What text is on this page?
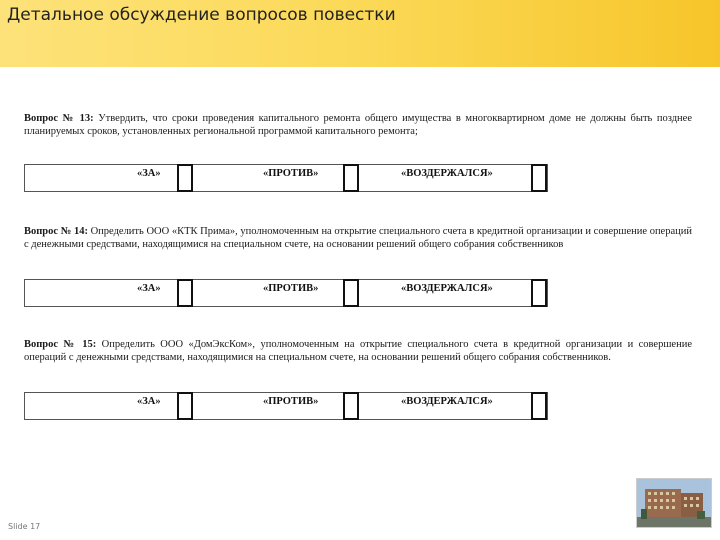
Детальное обсуждение вопросов повестки

Вопрос № 13: Утвердить, что сроки проведения капитального ремонта общего имущества в многоквартирном доме не должны быть позднее планируемых сроков, установленных региональной программой капитального ремонта;

«ЗА»	«ПРОТИВ»	«ВОЗДЕРЖАЛСЯ»

Вопрос № 14: Определить ООО «КТК Прима», уполномоченным на открытие специального счета в кредитной организации и совершение операций с денежными средствами, находящимися на специальном счете, на основании решений общего собрания собственников

«ЗА»	«ПРОТИВ»	«ВОЗДЕРЖАЛСЯ»

Вопрос № 15: Определить ООО «ДомЭксКом», уполномоченным на открытие специального счета в кредитной организации и совершение операций с денежными средствами, находящимися на специальном счете, на основании решений общего собрания собственников.

«ЗА»	«ПРОТИВ»	«ВОЗДЕРЖАЛСЯ»
Slide 17
